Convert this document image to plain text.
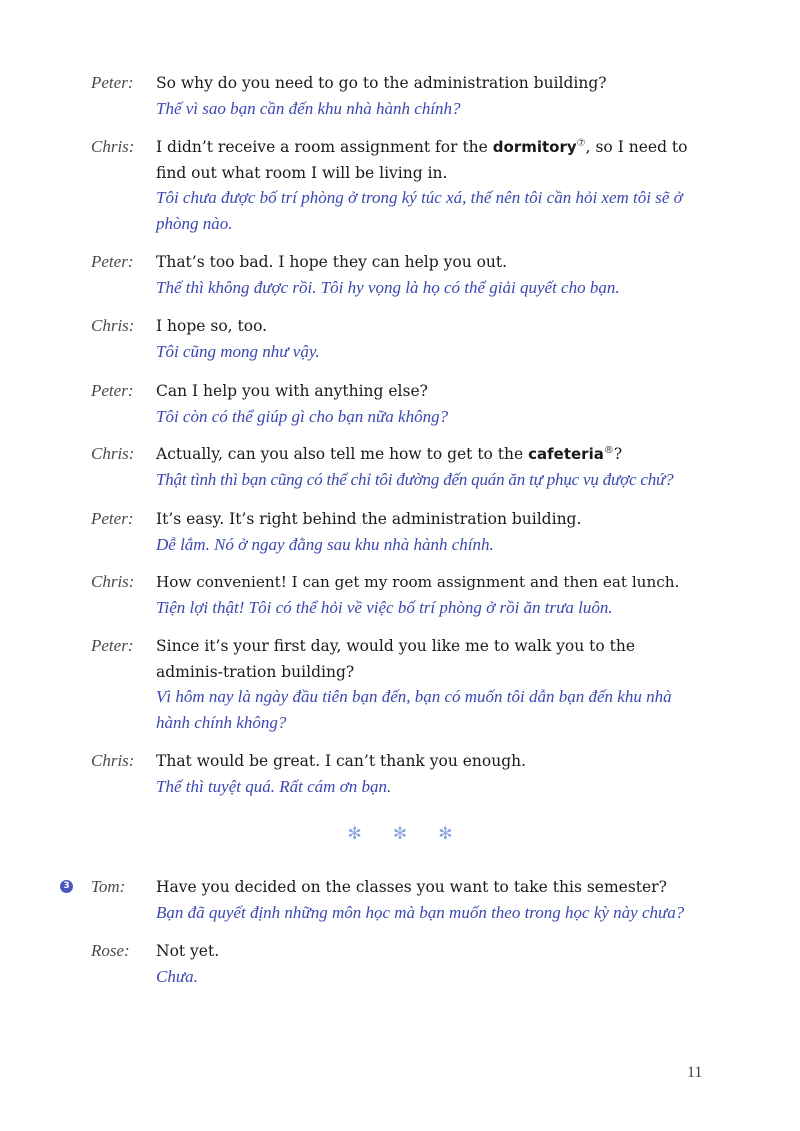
Peter: So why do you need to go to the administration building?
Thế vì sao bạn cần đến khu nhà hành chính?
Chris: I didn’t receive a room assignment for the dormitory⑦, so I need to find out what room I will be living in.
Tôi chưa được bố trí phòng ở trong ký túc xá, thế nên tôi cần hỏi xem tôi sẽ ở phòng nào.
Peter: That’s too bad. I hope they can help you out.
Thế thì không được rồi. Tôi hy vọng là họ có thể giải quyết cho bạn.
Chris: I hope so, too.
Tôi cũng mong như vậy.
Peter: Can I help you with anything else?
Tôi còn có thể giúp gì cho bạn nữa không?
Chris: Actually, can you also tell me how to get to the cafeteria®?
Thật tình thì bạn cũng có thể chỉ tôi đường đến quán ăn tự phục vụ được chứ?
Peter: It’s easy. It’s right behind the administration building.
Dễ lắm. Nó ở ngay đằng sau khu nhà hành chính.
Chris: How convenient! I can get my room assignment and then eat lunch.
Tiện lợi thật! Tôi có thể hỏi về việc bố trí phòng ở rồi ăn trưa luôn.
Peter: Since it’s your first day, would you like me to walk you to the adminis-tration building?
Vì hôm nay là ngày đầu tiên bạn đến, bạn có muốn tôi dẫn bạn đến khu nhà hành chính không?
Chris: That would be great. I can’t thank you enough.
Thế thì tuyệt quá. Rất cám ơn bạn.
✻ ✻ ✻
3 Tom: Have you decided on the classes you want to take this semester?
Bạn đã quyết định những môn học mà bạn muốn theo trong học kỳ này chưa?
Rose: Not yet.
Chưa.
11
